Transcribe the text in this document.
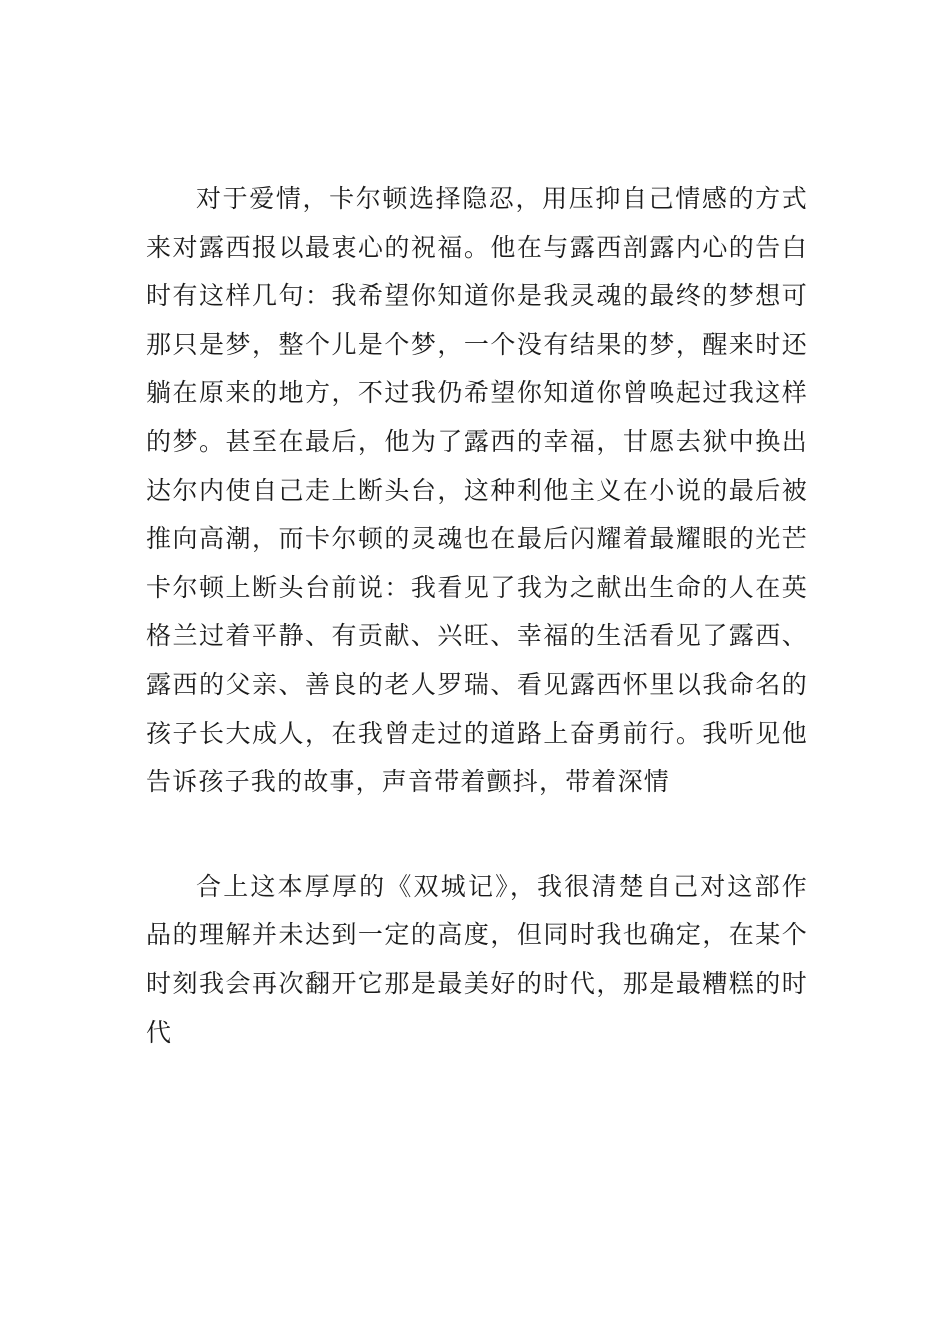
对于爱情，卡尔顿选择隐忍，用压抑自己情感的方式来对露西报以最衷心的祝福。他在与露西剖露内心的告白时有这样几句：我希望你知道你是我灵魂的最终的梦想可那只是梦，整个儿是个梦，一个没有结果的梦，醒来时还躺在原来的地方，不过我仍希望你知道你曾唤起过我这样的梦。甚至在最后，他为了露西的幸福，甘愿去狱中换出达尔内使自己走上断头台，这种利他主义在小说的最后被推向高潮，而卡尔顿的灵魂也在最后闪耀着最耀眼的光芒卡尔顿上断头台前说：我看见了我为之献出生命的人在英格兰过着平静、有贡献、兴旺、幸福的生活看见了露西、露西的父亲、善良的老人罗瑞、看见露西怀里以我命名的孩子长大成人，在我曾走过的道路上奋勇前行。我听见他告诉孩子我的故事，声音带着颤抖，带着深情

合上这本厚厚的《双城记》，我很清楚自己对这部作品的理解并未达到一定的高度，但同时我也确定，在某个时刻我会再次翻开它那是最美好的时代，那是最糟糕的时代
